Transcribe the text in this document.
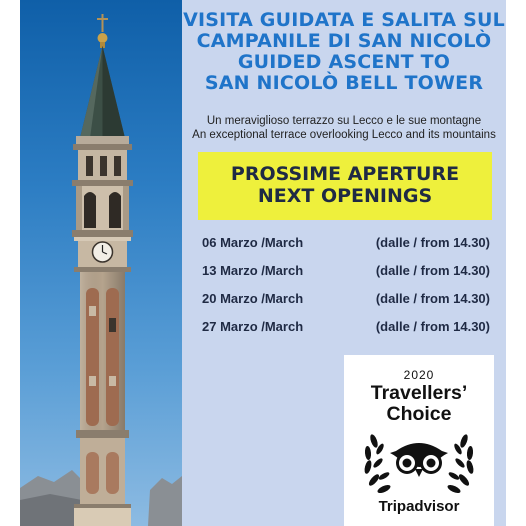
VISITA GUIDATA E SALITA SUL
CAMPANILE DI SAN NICOLÒ
GUIDED ASCENT TO
SAN NICOLÒ BELL TOWER
Un meraviglioso terrazzo su Lecco e le sue montagne
An exceptional terrace overlooking Lecco and its mountains
PROSSIME APERTURE
NEXT OPENINGS
06 Marzo /March	(dalle / from 14.30)
13 Marzo /March	(dalle / from 14.30)
20 Marzo /March	(dalle / from 14.30)
27 Marzo /March	(dalle / from 14.30)
2020
Travellers’
Choice
Tripadvisor
